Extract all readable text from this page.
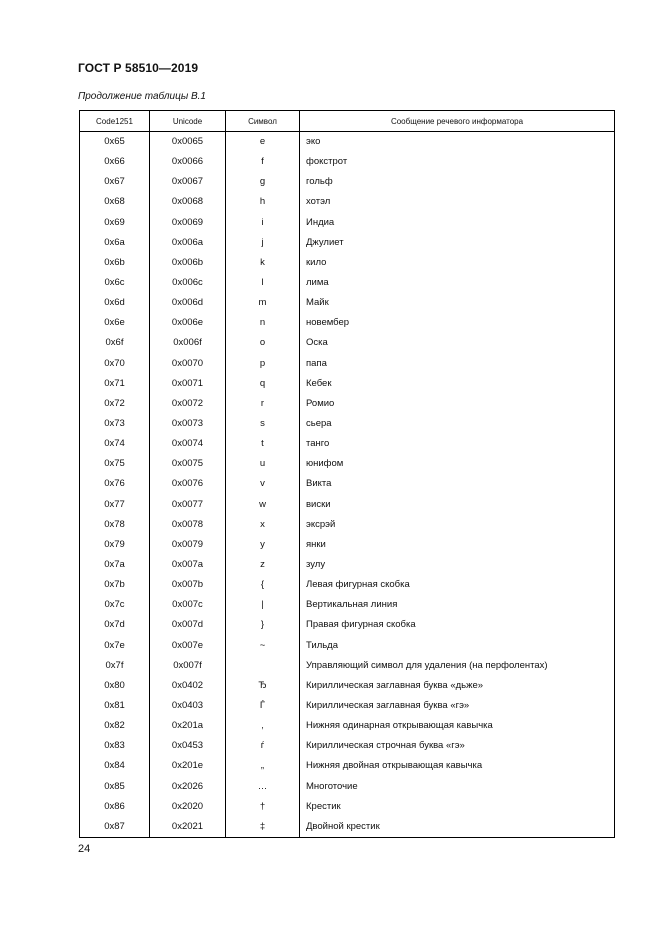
ГОСТ Р 58510—2019
Продолжение таблицы В.1
Code1251	Unicode	Символ	Сообщение речевого информатора
0x65	0x0065	e	эко
0x66	0x0066	f	фокстрот
0x67	0x0067	g	гольф
0x68	0x0068	h	хотэл
0x69	0x0069	i	Индиа
0x6a	0x006a	j	Джулиет
0x6b	0x006b	k	кило
0x6c	0x006c	l	лима
0x6d	0x006d	m	Майк
0x6e	0x006e	n	новембер
0x6f	0x006f	o	Оска
0x70	0x0070	p	папа
0x71	0x0071	q	Кебек
0x72	0x0072	r	Ромио
0x73	0x0073	s	сьера
0x74	0x0074	t	танго
0x75	0x0075	u	юнифом
0x76	0x0076	v	Викта
0x77	0x0077	w	виски
0x78	0x0078	x	эксрэй
0x79	0x0079	y	янки
0x7a	0x007a	z	зулу
0x7b	0x007b	{	Левая фигурная скобка
0x7c	0x007c	|	Вертикальная линия
0x7d	0x007d	}	Правая фигурная скобка
0x7e	0x007e	~	Тильда
0x7f	0x007f		Управляющий символ для удаления (на перфолентах)
0x80	0x0402	Ђ	Кириллическая заглавная буква «дьже»
0x81	0x0403	Ѓ	Кириллическая заглавная буква «гэ»
0x82	0x201a	‚	Нижняя одинарная открывающая кавычка
0x83	0x0453	ѓ	Кириллическая строчная буква «гэ»
0x84	0x201e	„	Нижняя двойная открывающая кавычка
0x85	0x2026	…	Многоточие
0x86	0x2020	†	Крестик
0x87	0x2021	‡	Двойной крестик
24
